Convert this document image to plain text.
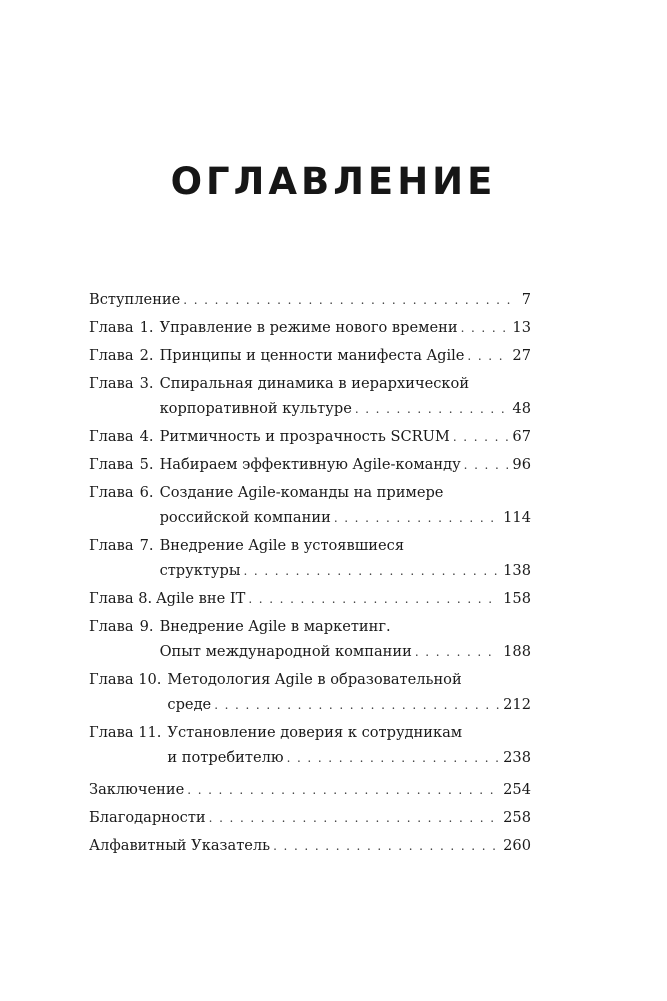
ОГЛАВЛЕНИЕ
Вступление . . .	7
Глава 1. Управление в режиме нового времени . . .	13
Глава 2. Принципы и ценности манифеста Agile . . .	27
Глава 3. Спиральная динамика в иерархической
корпоративной культуре . . .	48
Глава 4. Ритмичность и прозрачность SCRUM . . .	67
Глава 5. Набираем эффективную Agile-команду . . .	96
Глава 6. Создание Agile-команды на примере
российской компании . . .	114
Глава 7. Внедрение Agile в устоявшиеся
структуры . . .	138
Глава 8. Agile вне IT . . .	158
Глава 9. Внедрение Agile в маркетинг.
Опыт международной компании . . .	188
Глава 10. Методология Agile в образовательной
среде . . .	212
Глава 11. Установление доверия к сотрудникам
и потребителю . . .	238
Заключение . . .	254
Благодарности . . .	258
Алфавитный Указатель . . .	260
